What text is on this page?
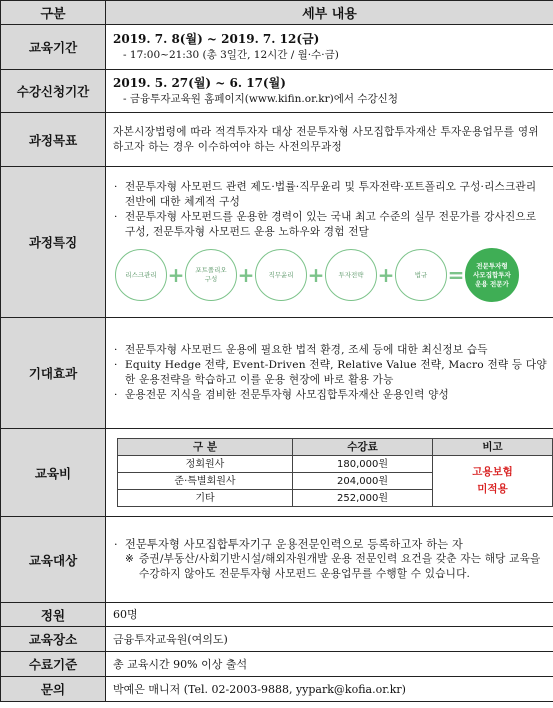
구분	세부 내용
교육기간	
2019. 7. 8(월) ~ 2019. 7. 12(금)
- 17:00~21:30 (총 3일간, 12시간 / 월·수·금)

수강신청기간	
2019. 5. 27(월) ~ 6. 17(월)
- 금융투자교육원 홈페이지(www.kifin.or.kr)에서 수강신청

과정목표	
자본시장법령에 따라 적격투자자 대상 전문투자형 사모집합투자재산 투자운용업무를 영위하고자 하는 경우 이수하여야 하는 사전의무과정

과정특징	
· 전문투자형 사모펀드 관련 제도·법률·직무윤리 및 투자전략·포트폴리오 구성·리스크관리 전반에 대한 체계적 구성
· 전문투자형 사모펀드를 운용한 경력이 있는 국내 최고 수준의 실무 전문가를 강사진으로 구성, 전문투자형 사모펀드 운용 노하우와 경험 전달
리스크관리 +	포트폴리오
구성	+	직무윤리 +	투자전략 +	법규	=	전문투자형
사모집합투자
운용 전문가

기대효과	
· 전문투자형 사모펀드 운용에 필요한 법적 환경, 조세 등에 대한 최신정보 습득
· Equity Hedge 전략, Event-Driven 전략, Relative Value 전략, Macro 전략 등 다양한 운용전략을 학습하고 이를 운용 현장에 바로 활용 가능
· 운용전문 지식을 겸비한 전문투자형 사모집합투자재산 운용인력 양성

교육비	
구 분	수강료	비고
정회원사	180,000원	
고용보험
미적용

준·특별회원사	204,000원
기타	252,000원

교육대상	
· 전문투자형 사모집합투자기구 운용전문인력으로 등록하고자 하는 자
※ 증권/부동산/사회기반시설/해외자원개발 운용 전문인력 요건을 갖춘 자는 해당 교육을 수강하지 않아도 전문투자형 사모펀드 운용업무를 수행할 수 있습니다.

정원	60명
교육장소	금융투자교육원(여의도)
수료기준	총 교육시간 90% 이상 출석
문의	박예은 매니저 (Tel. 02-2003-9888, yypark@kofia.or.kr)
